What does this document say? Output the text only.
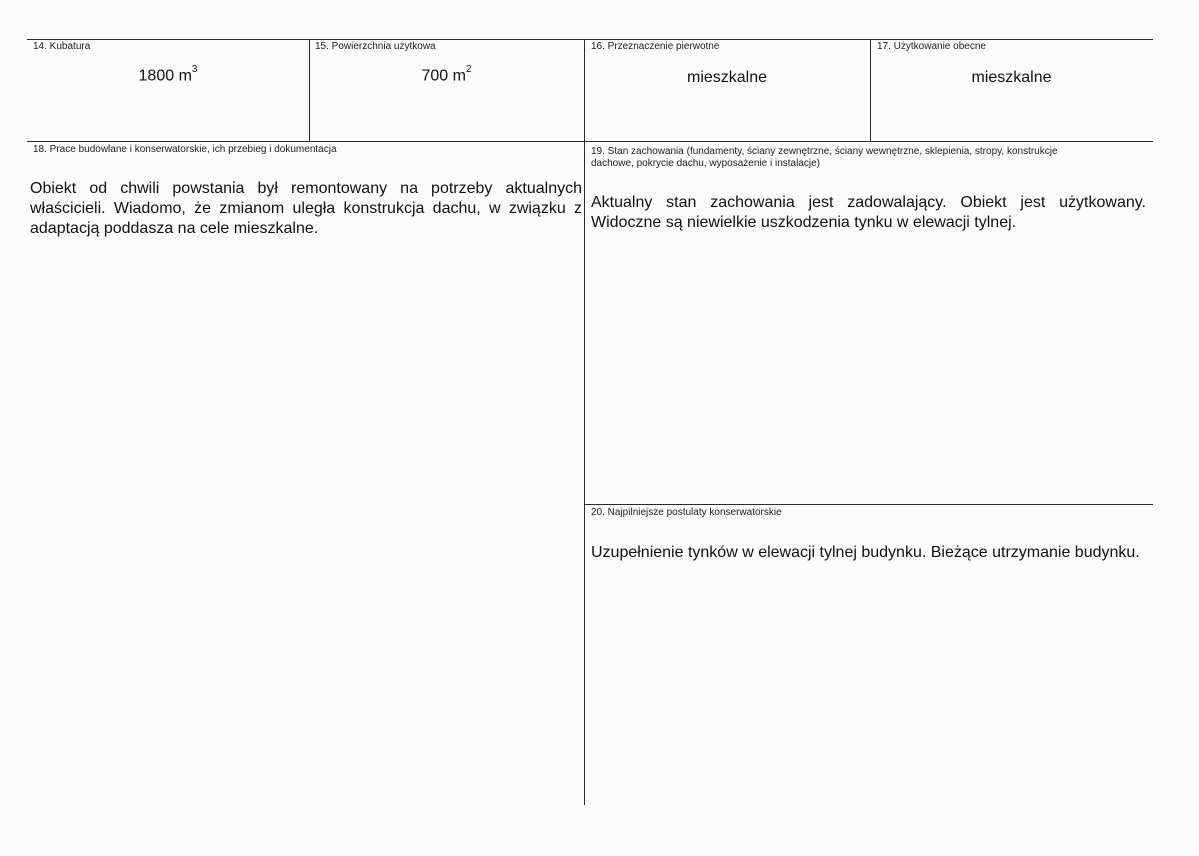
14. Kubatura
1800 $m^3$
15. Powierzchnia użytkowa
700 $m^2$
16. Przeznaczenie pierwotne
mieszkalne
17. Użytkowanie obecne
mieszkalne
18. Prace budowlane i konserwatorskie, ich przebieg i dokumentacja

Obiekt od chwili powstania był remontowany na potrzeby aktualnych właścicieli. Wiadomo, że zmianom uległa konstrukcja dachu, w związku z adaptacją poddasza na cele mieszkalne.

19. Stan zachowania (fundamenty, ściany zewnętrzne, ściany wewnętrzne, sklepienia, stropy, konstrukcje dachowe, pokrycie dachu, wyposażenie i instalacje)

Aktualny stan zachowania jest zadowalający. Obiekt jest użytkowany. Widoczne są niewielkie uszkodzenia tynku w elewacji tylnej.

20. Najpilniejsze postulaty konserwatorskie

Uzupełnienie tynków w elewacji tylnej budynku. Bieżące utrzymanie budynku.
